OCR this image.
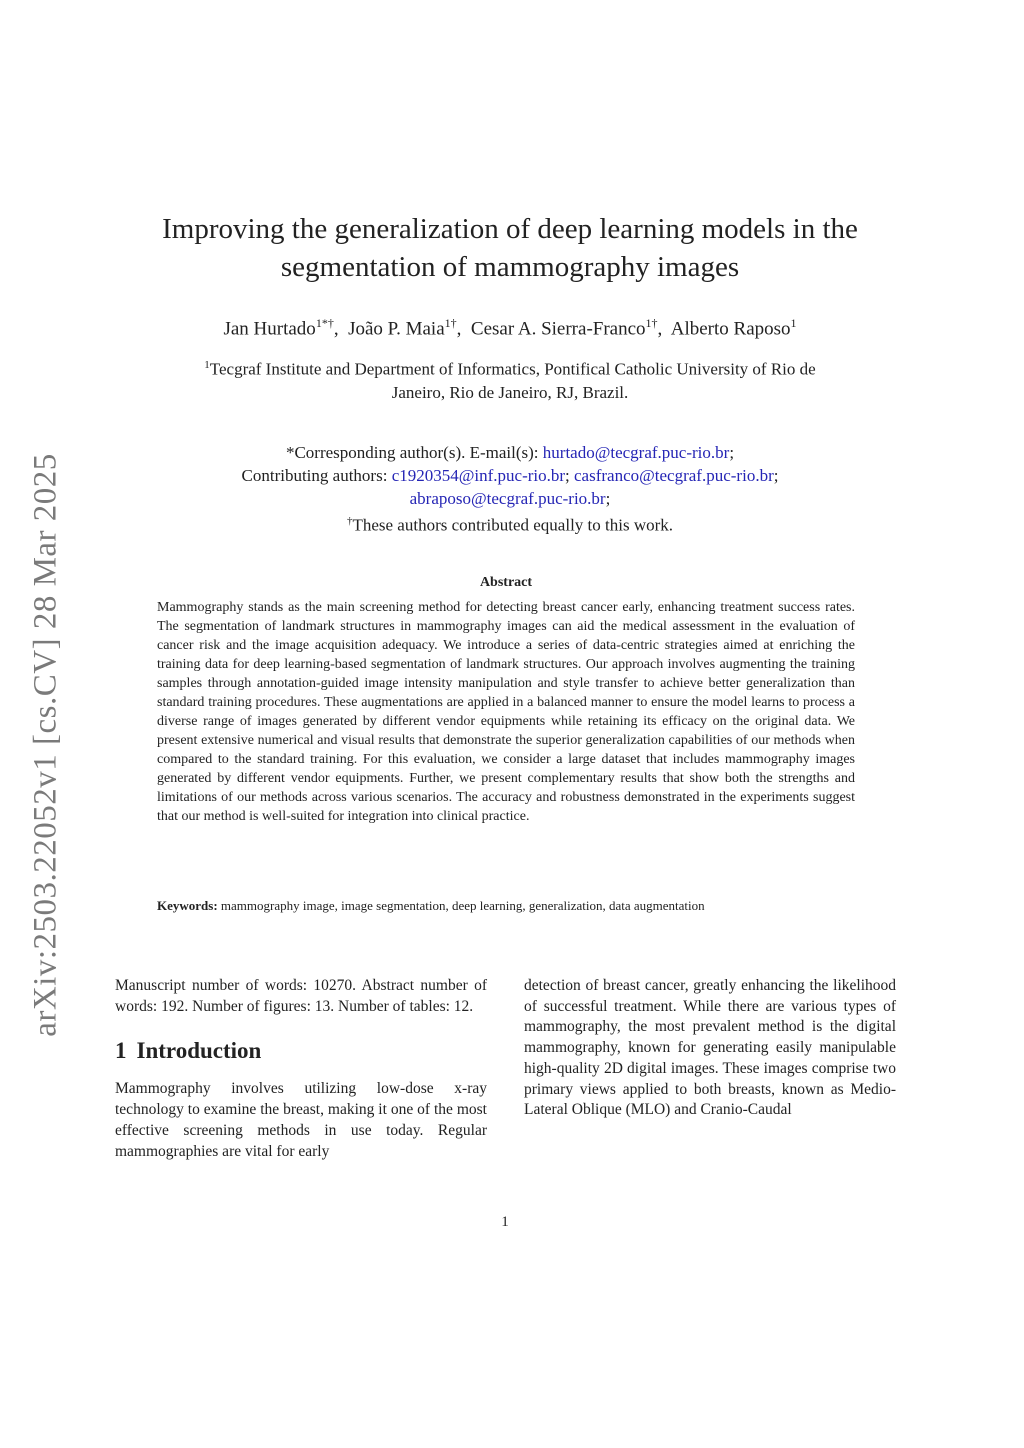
arXiv:2503.22052v1 [cs.CV] 28 Mar 2025
Improving the generalization of deep learning models in the
segmentation of mammography images
Jan Hurtado$^{1*\dagger}$,  João P. Maia$^{1\dagger}$,  Cesar A. Sierra-Franco$^{1\dagger}$,  Alberto Raposo$^1$
$^1$Tecgraf Institute and Department of Informatics, Pontifical Catholic University of Rio de
Janeiro, Rio de Janeiro, RJ, Brazil.
*Corresponding author(s). E-mail(s): hurtado@tecgraf.puc-rio.br;
Contributing authors: c1920354@inf.puc-rio.br; casfranco@tecgraf.puc-rio.br;
abraposo@tecgraf.puc-rio.br;
†These authors contributed equally to this work.
Abstract
Mammography stands as the main screening method for detecting breast cancer early, enhancing treatment success rates. The segmentation of landmark structures in mammography images can aid the medical assessment in the evaluation of cancer risk and the image acquisition adequacy. We introduce a series of data-centric strategies aimed at enriching the training data for deep learning-based segmentation of landmark structures. Our approach involves augmenting the training samples through annotation-guided image intensity manipulation and style transfer to achieve better generalization than standard training procedures. These augmentations are applied in a balanced manner to ensure the model learns to process a diverse range of images generated by different vendor equipments while retaining its efficacy on the original data. We present extensive numerical and visual results that demonstrate the superior generalization capabilities of our methods when compared to the standard training. For this evaluation, we consider a large dataset that includes mammography images generated by different vendor equipments. Further, we present complementary results that show both the strengths and limitations of our methods across various scenarios. The accuracy and robustness demonstrated in the experiments suggest that our method is well-suited for integration into clinical practice.
Keywords: mammography image, image segmentation, deep learning, generalization, data augmentation

Manuscript number of words: 10270. Abstract number of words: 192. Number of figures: 13. Number of tables: 12.

1 Introduction

Mammography involves utilizing low-dose x-ray technology to examine the breast, making it one of the most effective screening methods in use today. Regular mammographies are vital for early

detection of breast cancer, greatly enhancing the likelihood of successful treatment. While there are various types of mammography, the most prevalent method is the digital mammography, known for generating easily manipulable high-quality 2D digital images. These images comprise two primary views applied to both breasts, known as Medio-Lateral Oblique (MLO) and Cranio-Caudal

1
